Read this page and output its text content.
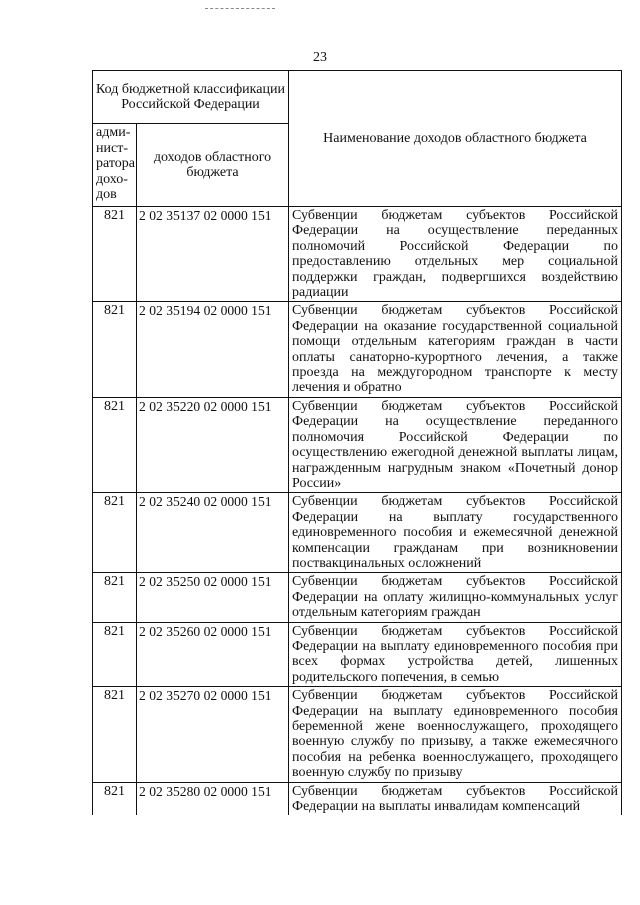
23
Код бюджетной классификации Российской Федерации		Наименование доходов областного бюджета
адми-нист-ратора дохо-дов	доходов областного бюджета	
821	2 02 35137 02 0000 151	Субвенции бюджетам субъектов Российской Федерации на осуществление переданных полномочий Российской Федерации по предоставлению отдельных мер социальной поддержки граждан, подвергшихся воздействию радиации
821	2 02 35194 02 0000 151	Субвенции бюджетам субъектов Российской Федерации на оказание государственной социальной помощи отдельным категориям граждан в части оплаты санаторно-курортного лечения, а также проезда на междугородном транспорте к месту лечения и обратно
821	2 02 35220 02 0000 151	Субвенции бюджетам субъектов Российской Федерации на осуществление переданного полномочия Российской Федерации по осуществлению ежегодной денежной выплаты лицам, награжденным нагрудным знаком «Почетный донор России»
821	2 02 35240 02 0000 151	Субвенции бюджетам субъектов Российской Федерации на выплату государственного единовременного пособия и ежемесячной денежной компенсации гражданам при возникновении поствакцинальных осложнений
821	2 02 35250 02 0000 151	Субвенции бюджетам субъектов Российской Федерации на оплату жилищно-коммунальных услуг отдельным категориям граждан
821	2 02 35260 02 0000 151	Субвенции бюджетам субъектов Российской Федерации на выплату единовременного пособия при всех формах устройства детей, лишенных родительского попечения, в семью
821	2 02 35270 02 0000 151	Субвенции бюджетам субъектов Российской Федерации на выплату единовременного пособия беременной жене военнослужащего, проходящего военную службу по призыву, а также ежемесячного пособия на ребенка военнослужащего, проходящего военную службу по призыву
821	2 02 35280 02 0000 151	Субвенции бюджетам субъектов Российской Федерации на выплаты инвалидам компенсаций
